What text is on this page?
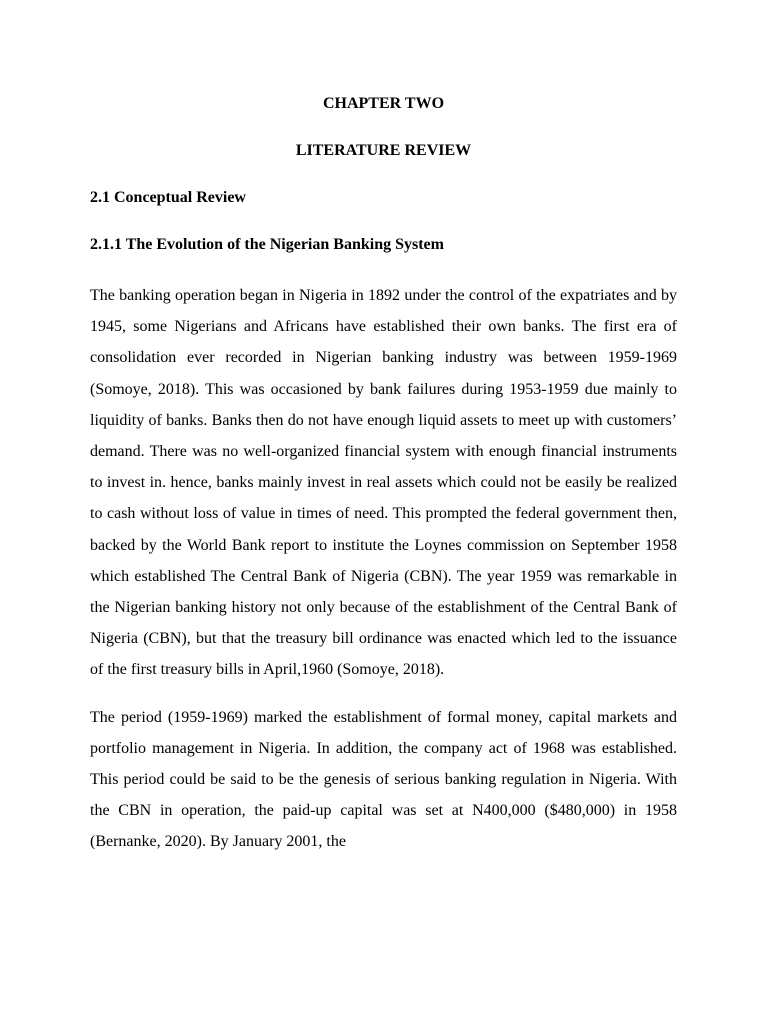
CHAPTER TWO
LITERATURE REVIEW
2.1 Conceptual Review
2.1.1 The Evolution of the Nigerian Banking System

The banking operation began in Nigeria in 1892 under the control of the expatriates and by 1945, some Nigerians and Africans have established their own banks. The first era of consolidation ever recorded in Nigerian banking industry was between 1959-1969 (Somoye, 2018). This was occasioned by bank failures during 1953-1959 due mainly to liquidity of banks. Banks then do not have enough liquid assets to meet up with customers’ demand. There was no well-organized financial system with enough financial instruments to invest in. hence, banks mainly invest in real assets which could not be easily be realized to cash without loss of value in times of need. This prompted the federal government then, backed by the World Bank report to institute the Loynes commission on September 1958 which established The Central Bank of Nigeria (CBN). The year 1959 was remarkable in the Nigerian banking history not only because of the establishment of the Central Bank of Nigeria (CBN), but that the treasury bill ordinance was enacted which led to the issuance of the first treasury bills in April,1960 (Somoye, 2018).

The period (1959-1969) marked the establishment of formal money, capital markets and portfolio management in Nigeria. In addition, the company act of 1968 was established. This period could be said to be the genesis of serious banking regulation in Nigeria. With the CBN in operation, the paid-up capital was set at N400,000 ($480,000) in 1958 (Bernanke, 2020). By January 2001, the
